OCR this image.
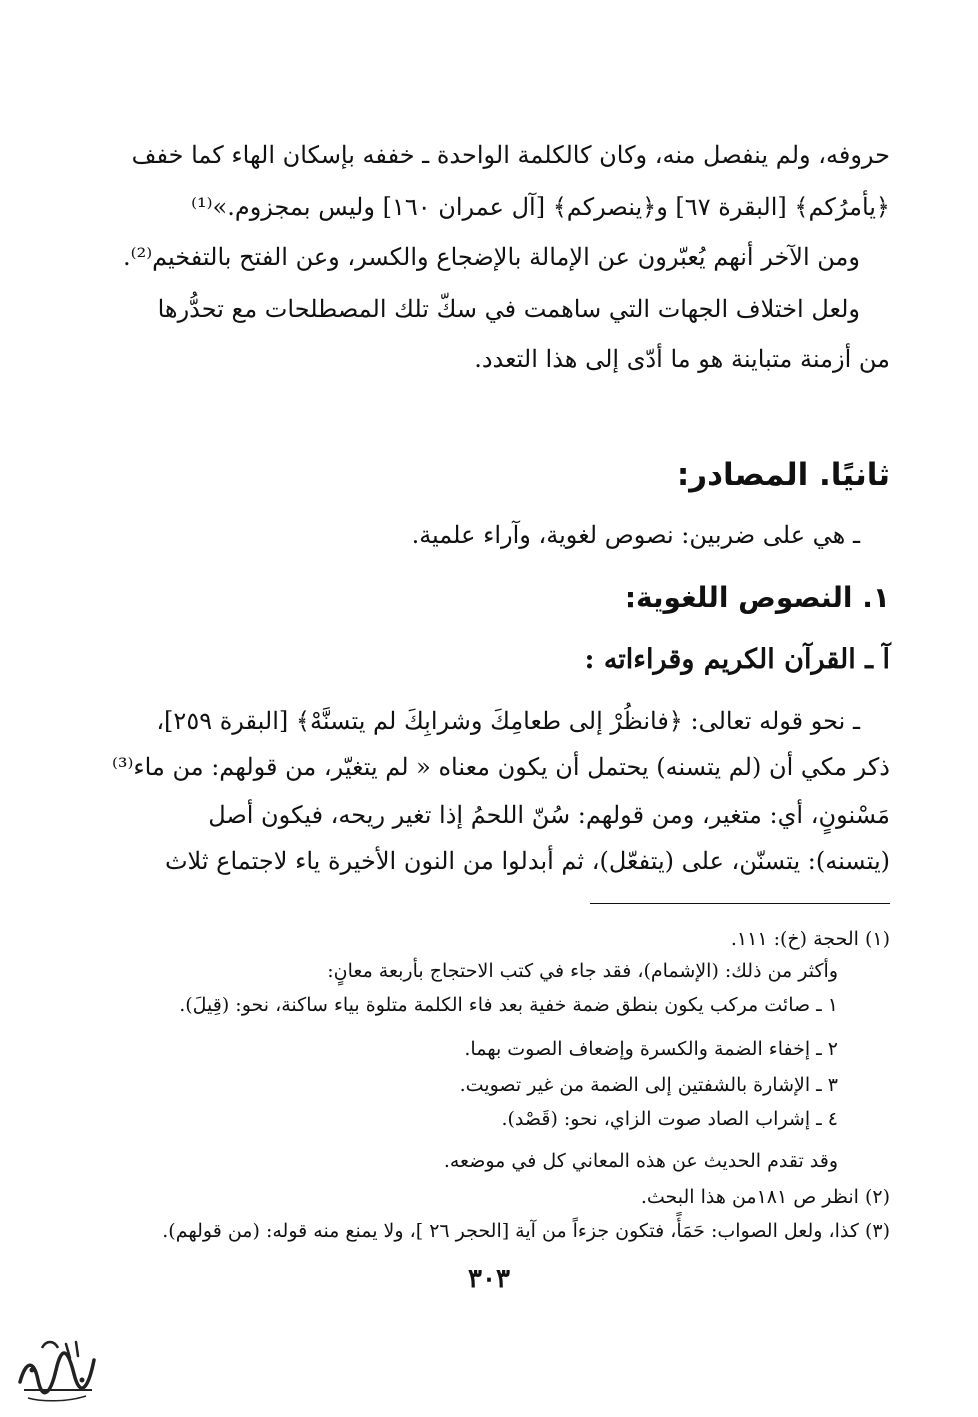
حروفه، ولم ينفصل منه، وكان كالكلمة الواحدة ـ خففه بإسكان الهاء كما خفف
﴿يأمرُكم﴾ [البقرة ٦٧] و﴿ينصركم﴾ [آل عمران ١٦٠] وليس بمجزوم.»⁽¹⁾
ومن الآخر أنهم يُعبّرون عن الإمالة بالإضجاع والكسر، وعن الفتح بالتفخيم⁽²⁾.
ولعل اختلاف الجهات التي ساهمت في سكّ تلك المصطلحات مع تحدُّرها
من أزمنة متباينة هو ما أدّى إلى هذا التعدد.
ثانيًا. المصادر:
ـ هي على ضربين: نصوص لغوية، وآراء علمية.
١. النصوص اللغوية:
آ ـ القرآن الكريم وقراءاته :
ـ نحو قوله تعالى: ﴿فانظُرْ إلى طعامِكَ وشرابِكَ لم يتسنَّهْ﴾ [البقرة ٢٥٩]،
ذكر مكي أن (لم يتسنه) يحتمل أن يكون معناه « لم يتغيّر، من قولهم: من ماء⁽³⁾
مَسْنونٍ، أي: متغير، ومن قولهم: سُنّ اللحمُ إذا تغير ريحه، فيكون أصل
(يتسنه): يتسنّن، على (يتفعّل)، ثم أبدلوا من النون الأخيرة ياء لاجتماع ثلاث
(١) الحجة (خ): ١١١.
وأكثر من ذلك: (الإشمام)، فقد جاء في كتب الاحتجاج بأربعة معانٍ:
١ ـ صائت مركب يكون بنطق ضمة خفية بعد فاء الكلمة متلوة بياء ساكنة، نحو: (قِيلَ).
٢ ـ إخفاء الضمة والكسرة وإضعاف الصوت بهما.
٣ ـ الإشارة بالشفتين إلى الضمة من غير تصويت.
٤ ـ إشراب الصاد صوت الزاي، نحو: (قَصْد).
وقد تقدم الحديث عن هذه المعاني كل في موضعه.
(٢) انظر ص ١٨١من هذا البحث.
(٣) كذا، ولعل الصواب: حَمَأً، فتكون جزءاً من آية [الحجر ٢٦ ]، ولا يمنع منه قوله: (من قولهم).
٣٠٣
